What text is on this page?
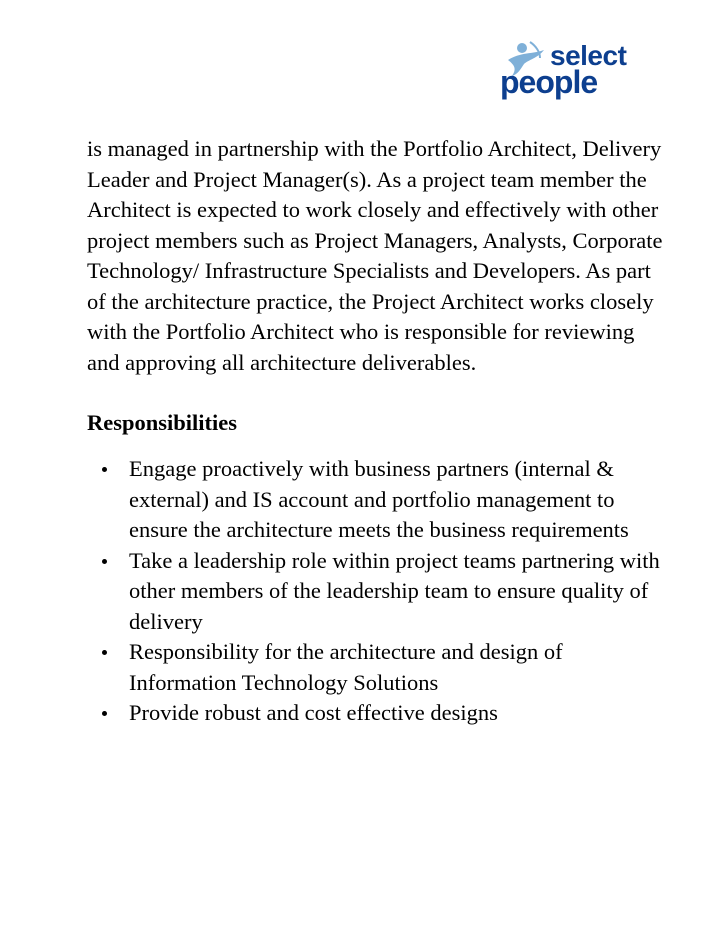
select
people

is managed in partnership with the Portfolio Architect, Delivery Leader and Project Manager(s). As a project team member the Architect is expected to work closely and effectively with other project members such as Project Managers, Analysts, Corporate Technology/ Infrastructure Specialists and Developers. As part of the architecture practice, the Project Architect works closely with the Portfolio Architect who is responsible for reviewing and approving all architecture deliverables.

Responsibilities
Engage proactively with business partners (internal & external) and IS account and portfolio management to ensure the architecture meets the business requirements
Take a leadership role within project teams partnering with other members of the leadership team to ensure quality of delivery
Responsibility for the architecture and design of Information Technology Solutions
Provide robust and cost effective designs
